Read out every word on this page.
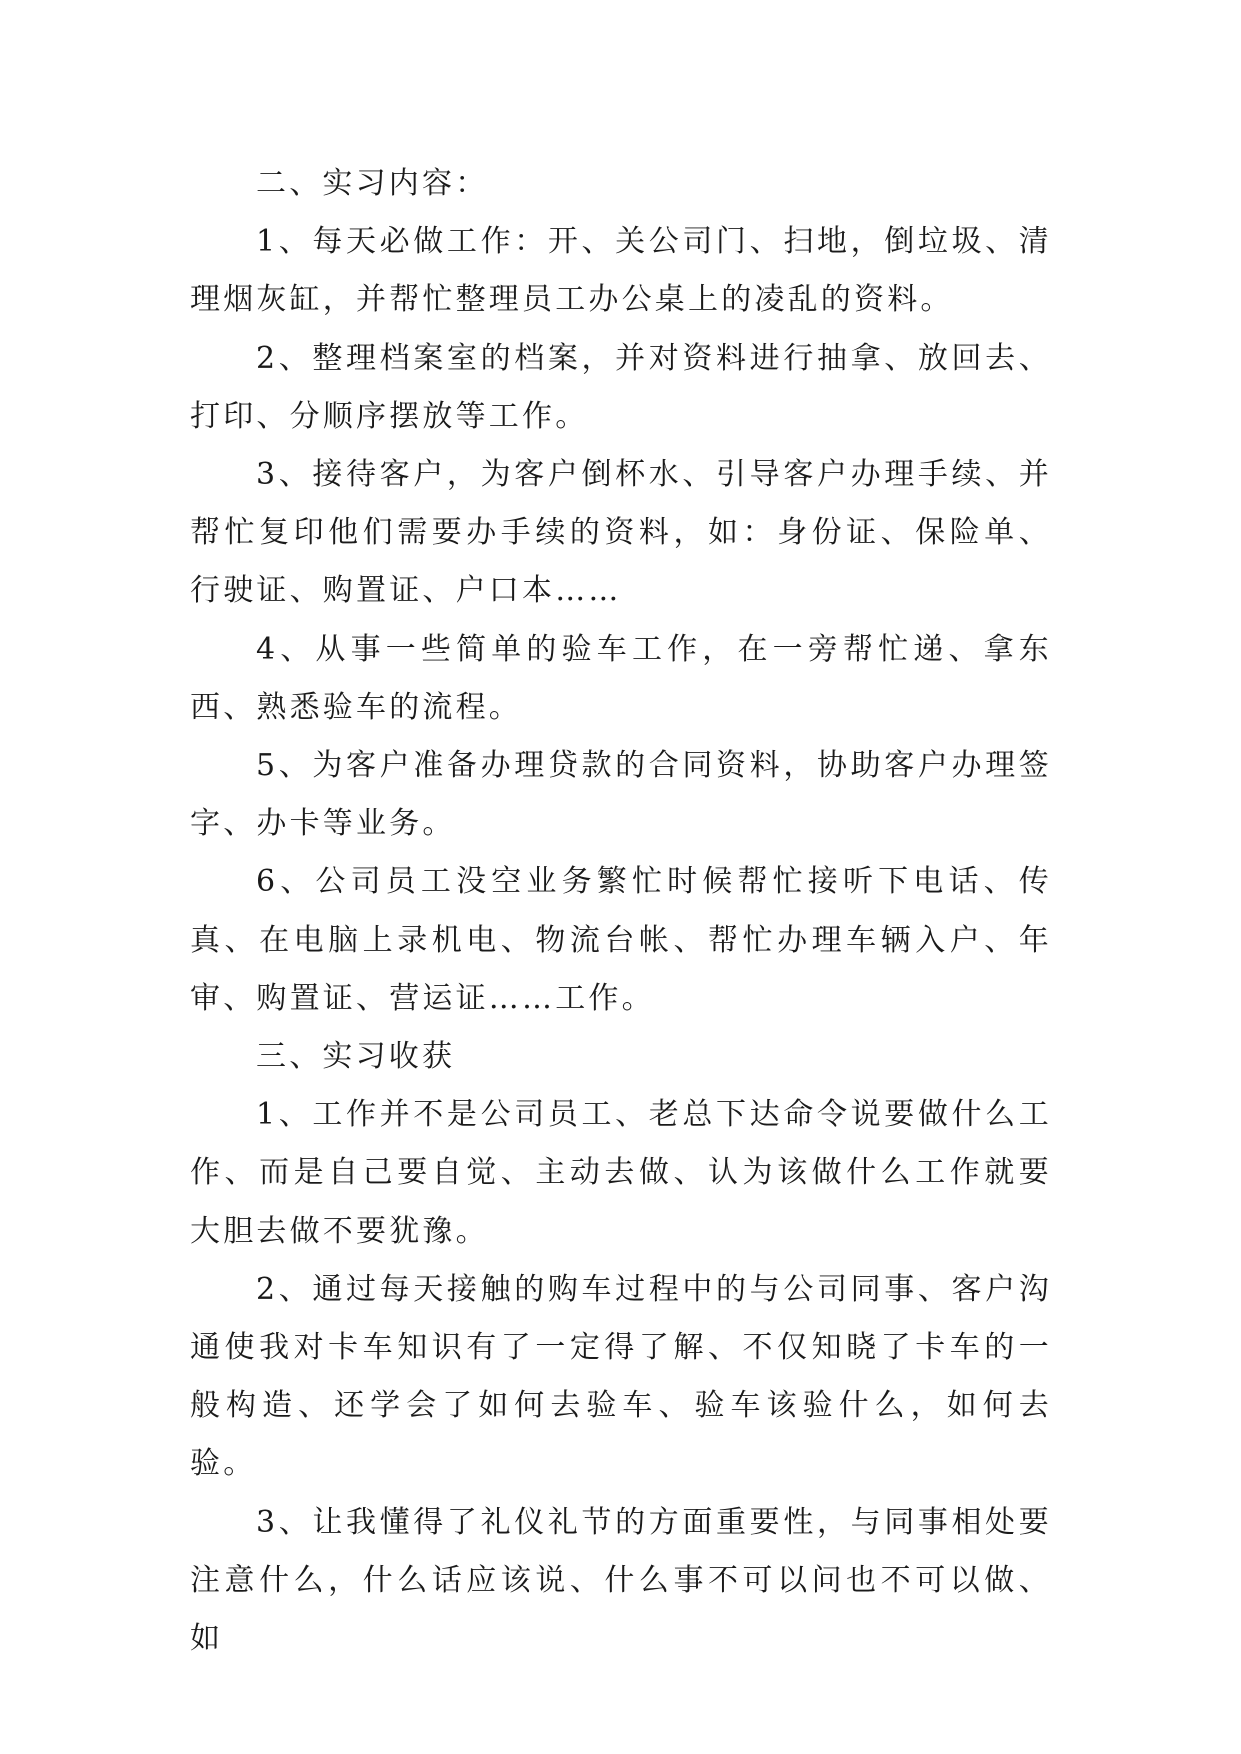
二、实习内容：

1、每天必做工作：开、关公司门、扫地，倒垃圾、清理烟灰缸，并帮忙整理员工办公桌上的凌乱的资料。

2、整理档案室的档案，并对资料进行抽拿、放回去、打印、分顺序摆放等工作。

3、接待客户，为客户倒杯水、引导客户办理手续、并帮忙复印他们需要办手续的资料，如：身份证、保险单、行驶证、购置证、户口本……

4、从事一些简单的验车工作，在一旁帮忙递、拿东西、熟悉验车的流程。

5、为客户准备办理贷款的合同资料，协助客户办理签字、办卡等业务。

6、公司员工没空业务繁忙时候帮忙接听下电话、传真、在电脑上录机电、物流台帐、帮忙办理车辆入户、年审、购置证、营运证……工作。

三、实习收获

1、工作并不是公司员工、老总下达命令说要做什么工作、而是自己要自觉、主动去做、认为该做什么工作就要大胆去做不要犹豫。

2、通过每天接触的购车过程中的与公司同事、客户沟通使我对卡车知识有了一定得了解、不仅知晓了卡车的一般构造、还学会了如何去验车、验车该验什么，如何去验。

3、让我懂得了礼仪礼节的方面重要性，与同事相处要注意什么，什么话应该说、什么事不可以问也不可以做、如
